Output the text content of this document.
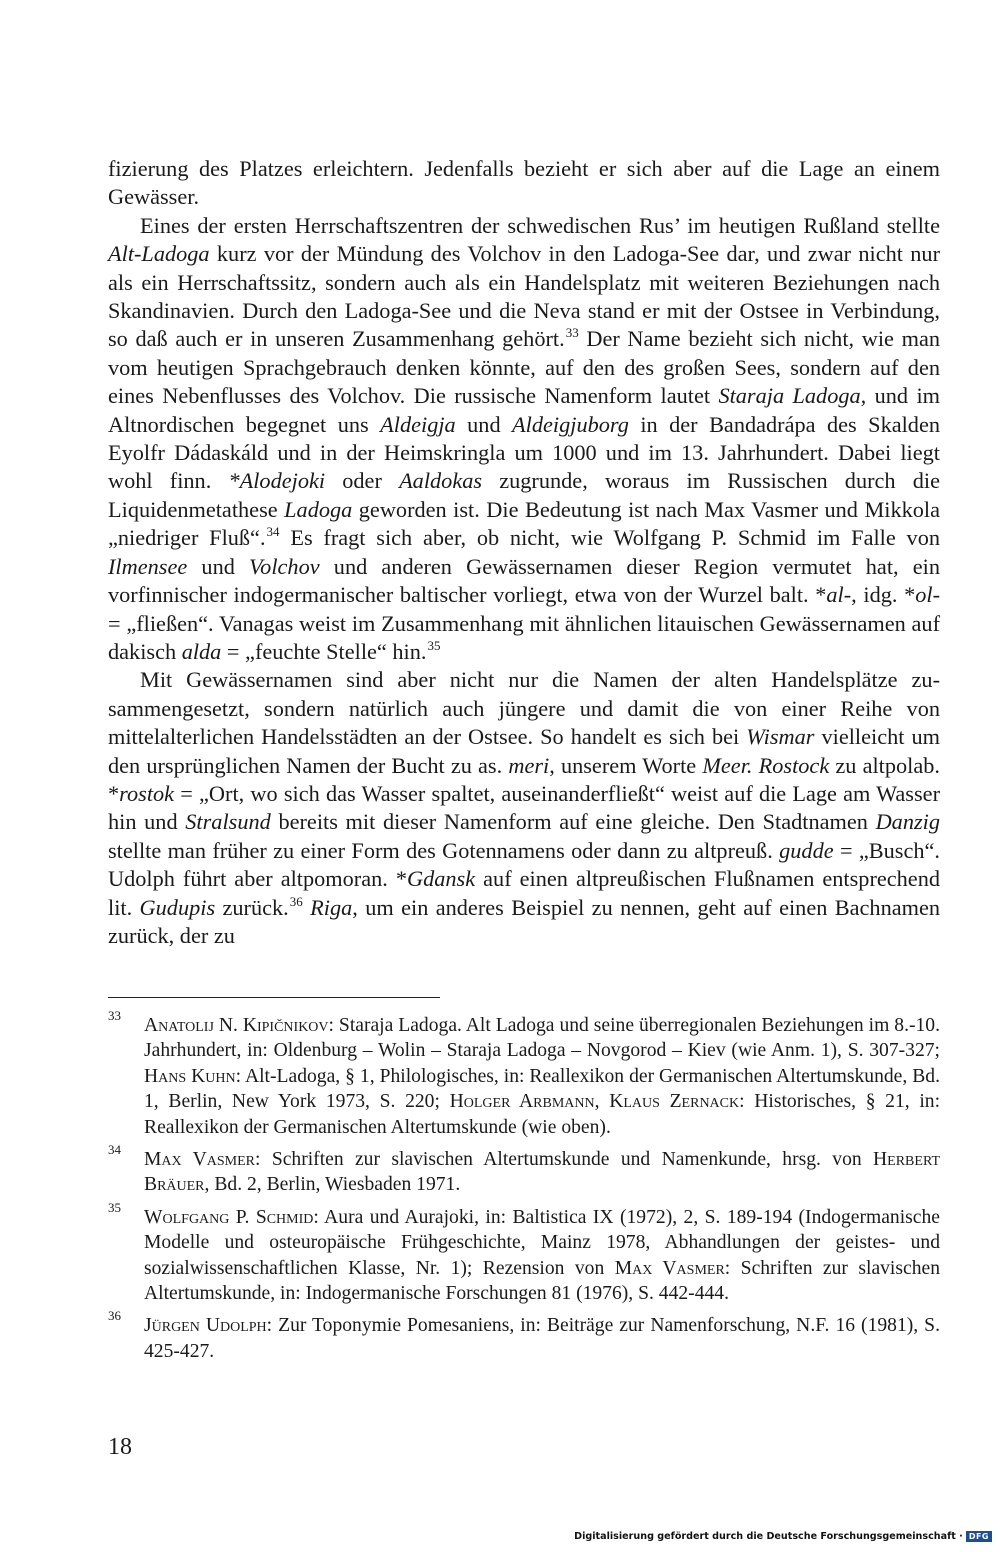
fizierung des Platzes erleichtern. Jedenfalls bezieht er sich aber auf die Lage an einem Gewässer.

Eines der ersten Herrschaftszentren der schwedischen Rus’ im heutigen Rußland stellte Alt-Ladoga kurz vor der Mündung des Volchov in den Ladoga-See dar, und zwar nicht nur als ein Herrschaftssitz, sondern auch als ein Handelsplatz mit weiteren Beziehungen nach Skandinavien. Durch den Ladoga-See und die Neva stand er mit der Ostsee in Verbindung, so daß auch er in unseren Zusammenhang gehört.$^{33}$ Der Name bezieht sich nicht, wie man vom heutigen Sprachgebrauch denken könnte, auf den des großen Sees, sondern auf den eines Nebenflusses des Volchov. Die russische Namenform lautet Staraja Ladoga, und im Altnordischen begegnet uns Aldeigja und Aldeigjuborg in der Bandadrápa des Skalden Eyolfr Dádaskáld und in der Heimskringla um 1000 und im 13. Jahrhundert. Dabei liegt wohl finn. *Alodejoki oder Aaldokas zugrunde, woraus im Russischen durch die Liquidenmetathese Ladoga geworden ist. Die Bedeutung ist nach Max Vasmer und Mikkola „niedriger Fluß“.$^{34}$ Es fragt sich aber, ob nicht, wie Wolfgang P. Schmid im Falle von Ilmensee und Volchov und anderen Gewässernamen dieser Region vermutet hat, ein vorfinnischer indogermanischer baltischer vorliegt, etwa von der Wurzel balt. *al-, idg. *ol- = „fließen“. Vanagas weist im Zusammenhang mit ähnlichen litauischen Gewässernamen auf dakisch alda = „feuchte Stelle“ hin.$^{35}$

Mit Gewässernamen sind aber nicht nur die Namen der alten Handelsplätze zusammengesetzt, sondern natürlich auch jüngere und damit die von einer Reihe von mittelalterlichen Handelsstädten an der Ostsee. So handelt es sich bei Wismar vielleicht um den ursprünglichen Namen der Bucht zu as. meri, unserem Worte Meer. Rostock zu altpolab. *rostok = „Ort, wo sich das Wasser spaltet, auseinanderfließt“ weist auf die Lage am Wasser hin und Stralsund bereits mit dieser Namenform auf eine gleiche. Den Stadtnamen Danzig stellte man früher zu einer Form des Gotennamens oder dann zu altpreuß. gudde = „Busch“. Udolph führt aber altpomoran. *Gdansk auf einen altpreußischen Flußnamen entsprechend lit. Gudupis zurück.$^{36}$ Riga, um ein anderes Beispiel zu nennen, geht auf einen Bachnamen zurück, der zu

33 Anatolij N. Kipičnikov: Staraja Ladoga. Alt Ladoga und seine überregionalen Beziehungen im 8.-10. Jahrhundert, in: Oldenburg – Wolin – Staraja Ladoga – Novgorod – Kiev (wie Anm. 1), S. 307-327; Hans Kuhn: Alt-Ladoga, § 1, Philologisches, in: Reallexikon der Germanischen Altertumskunde, Bd. 1, Berlin, New York 1973, S. 220; Holger Arbmann, Klaus Zernack: Historisches, § 21, in: Reallexikon der Germanischen Altertumskunde (wie oben).
34 Max Vasmer: Schriften zur slavischen Altertumskunde und Namenkunde, hrsg. von Herbert Bräuer, Bd. 2, Berlin, Wiesbaden 1971.
35 Wolfgang P. Schmid: Aura und Aurajoki, in: Baltistica IX (1972), 2, S. 189-194 (Indogermanische Modelle und osteuropäische Frühgeschichte, Mainz 1978, Abhandlungen der geistes- und sozialwissenschaftlichen Klasse, Nr. 1); Rezension von Max Vasmer: Schriften zur slavischen Altertumskunde, in: Indogermanische Forschungen 81 (1976), S. 442-444.
36 Jürgen Udolph: Zur Toponymie Pomesaniens, in: Beiträge zur Namenforschung, N.F. 16 (1981), S. 425-427.
18
Digitalisierung gefördert durch die Deutsche Forschungsgemeinschaft · DFG
